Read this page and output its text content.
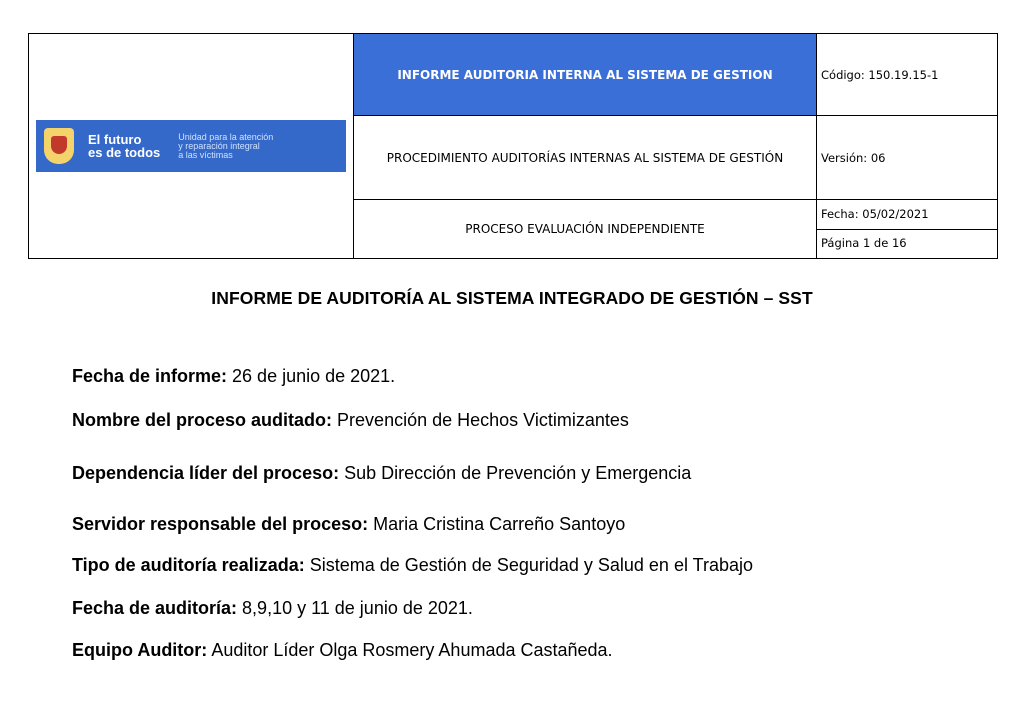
El futuro
es de todos
Unidad para la atención
y reparación integral
a las víctimas	INFORME AUDITORIA INTERNA AL SISTEMA DE GESTION	Código: 150.19.15-1
	PROCEDIMIENTO AUDITORÍAS INTERNAS AL SISTEMA DE GESTIÓN	Versión: 06
	PROCESO EVALUACIÓN INDEPENDIENTE	Fecha: 05/02/2021
Página 1 de 16
INFORME DE AUDITORÍA AL SISTEMA INTEGRADO DE GESTIÓN – SST
Fecha de informe: 26 de junio de 2021.
Nombre del proceso auditado: Prevención de Hechos Victimizantes
Dependencia líder del proceso: Sub Dirección de Prevención y Emergencia
Servidor responsable del proceso: Maria Cristina Carreño Santoyo
Tipo de auditoría realizada: Sistema de Gestión de Seguridad y Salud en el Trabajo
Fecha de auditoría: 8,9,10 y 11 de junio de 2021.
Equipo Auditor: Auditor Líder Olga Rosmery Ahumada Castañeda.
